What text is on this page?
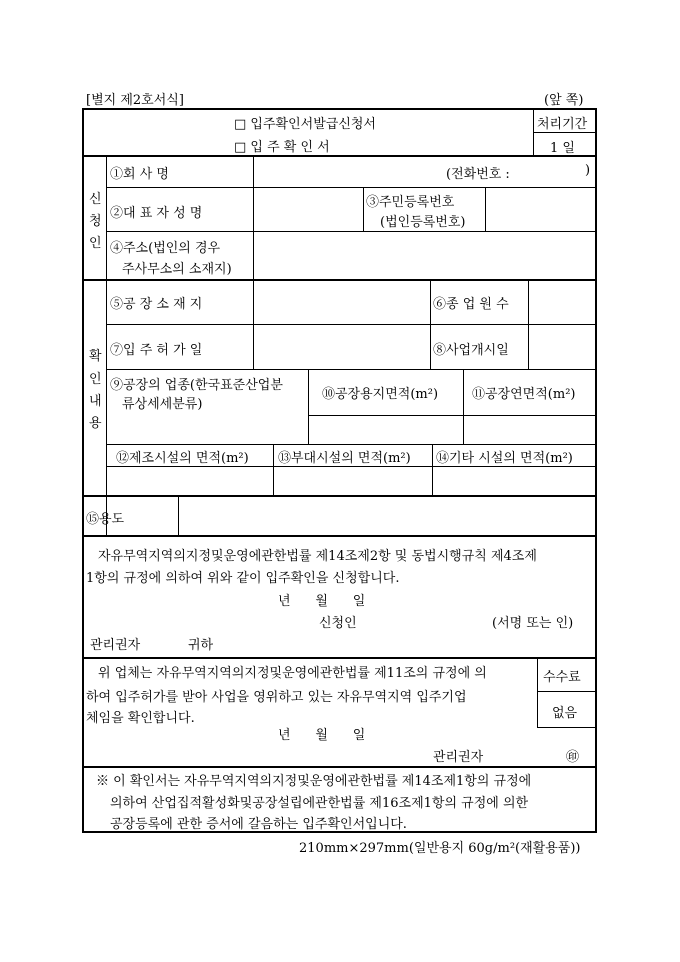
[별지 제2호서식]	(앞 쪽)
□ 입주확인서발급신청서
□ 입 주 확 인 서
처리기간
1 일
신
청
인
①회 사 명	(전화번호 :	)
②대 표 자 성 명
③주민등록번호
(법인등록번호)
④주소(법인의 경우
주사무소의 소재지)
확
인
내
용
⑤공 장 소 재 지	⑥종 업 원 수
⑦입 주 허 가 일	⑧사업개시일
⑨공장의 업종(한국표준산업분
류상세세분류)
⑩공장용지면적(m²)	⑪공장연면적(m²)
⑫제조시설의 면적(m²) ⑬부대시설의 면적(m²) ⑭기타 시설의 면적(m²)
⑮용도
자유무역지역의지정및운영에관한법률 제14조제2항 및 동법시행규칙 제4조제
1항의 규정에 의하여 위와 같이 입주확인을 신청합니다.
년      월      일
신청인	(서명 또는 인)
관리권자	귀하
위 업체는 자유무역지역의지정및운영에관한법률 제11조의 규정에 의
하여 입주허가를 받아 사업을 영위하고 있는 자유무역지역 입주기업
체임을 확인합니다.
년      월      일
관리권자	㊞
수수료
없음
※ 이 확인서는 자유무역지역의지정및운영에관한법률 제14조제1항의 규정에
의하여 산업집적활성화및공장설립에관한법률 제16조제1항의 규정에 의한
공장등록에 관한 증서에 갈음하는 입주확인서입니다.
210mm×297mm(일반용지 60g/m²(재활용품))
